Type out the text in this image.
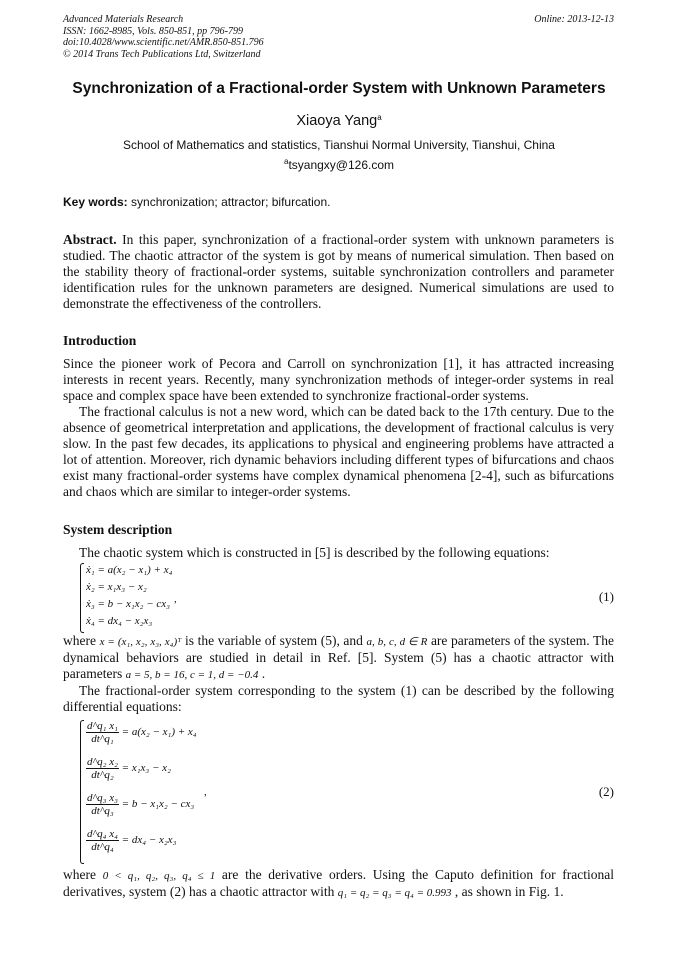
Advanced Materials Research
ISSN: 1662-8985, Vols. 850-851, pp 796-799
doi:10.4028/www.scientific.net/AMR.850-851.796
© 2014 Trans Tech Publications Ltd, Switzerland
Online: 2013-12-13
Synchronization of a Fractional-order System with Unknown Parameters
Xiaoya Yang$^a$
School of Mathematics and statistics, Tianshui Normal University, Tianshui, China
$^a$tsyangxy@126.com
Key words: synchronization; attractor; bifurcation.

Abstract. In this paper, synchronization of a fractional-order system with unknown parameters is studied. The chaotic attractor of the system is got by means of numerical simulation. Then based on the stability theory of fractional-order systems, suitable synchronization controllers and parameter identification rules for the unknown parameters are designed. Numerical simulations are used to demonstrate the effectiveness of the controllers.

Introduction

Since the pioneer work of Pecora and Carroll on synchronization [1], it has attracted increasing interests in recent years. Recently, many synchronization methods of integer-order systems in real space and complex space have been extended to synchronize fractional-order systems.

The fractional calculus is not a new word, which can be dated back to the 17th century. Due to the absence of geometrical interpretation and applications, the development of fractional calculus is very slow. In the past few decades, its applications to physical and engineering problems have attracted a lot of attention. Moreover, rich dynamic behaviors including different types of bifurcations and chaos exist many fractional-order systems have complex dynamical phenomena [2-4], such as bifurcations and chaos which are similar to integer-order systems.

System description

The chaotic system which is constructed in [5] is described by the following equations:

ẋ₁ = a(x₂ − x₁) + x₄
ẋ₂ = x₁x₃ − x₂
ẋ₃ = b − x₁x₂ − cx₃
ẋ₄ = dx₄ − x₂x₃
,	(1)

where x = (x₁, x₂, x₃, x₄)ᵀ is the variable of system (5), and a, b, c, d ∈ R are parameters of the system. The dynamical behaviors are studied in detail in Ref. [5]. System (5) has a chaotic attractor with parameters a = 5, b = 16, c = 1, d = −0.4 .

The fractional-order system corresponding to the system (1) can be described by the following differential equations:

$\frac{\text{d\textasciicircum{}q₁ x₁}}{\text{dt\textasciicircum{}q₁}} = a(x_2 - x_1) + x_4$
$\frac{\text{d\textasciicircum{}q₂ x₂}}{\text{dt\textasciicircum{}q₂}} = x_1x_3 - x_2$
$\frac{\text{d\textasciicircum{}q₃ x₃}}{\text{dt\textasciicircum{}q₃}} = b - x_1x_2 - cx_3$
$\frac{\text{d\textasciicircum{}q₄ x₄}}{\text{dt\textasciicircum{}q₄}} = dx_4 - x_2x_3$
,	(2)

where 0 < q₁, q₂, q₃, q₄ ≤ 1 are the derivative orders. Using the Caputo definition for fractional derivatives, system (2) has a chaotic attractor with q₁ = q₂ = q₃ = q₄ = 0.993 , as shown in Fig. 1.
